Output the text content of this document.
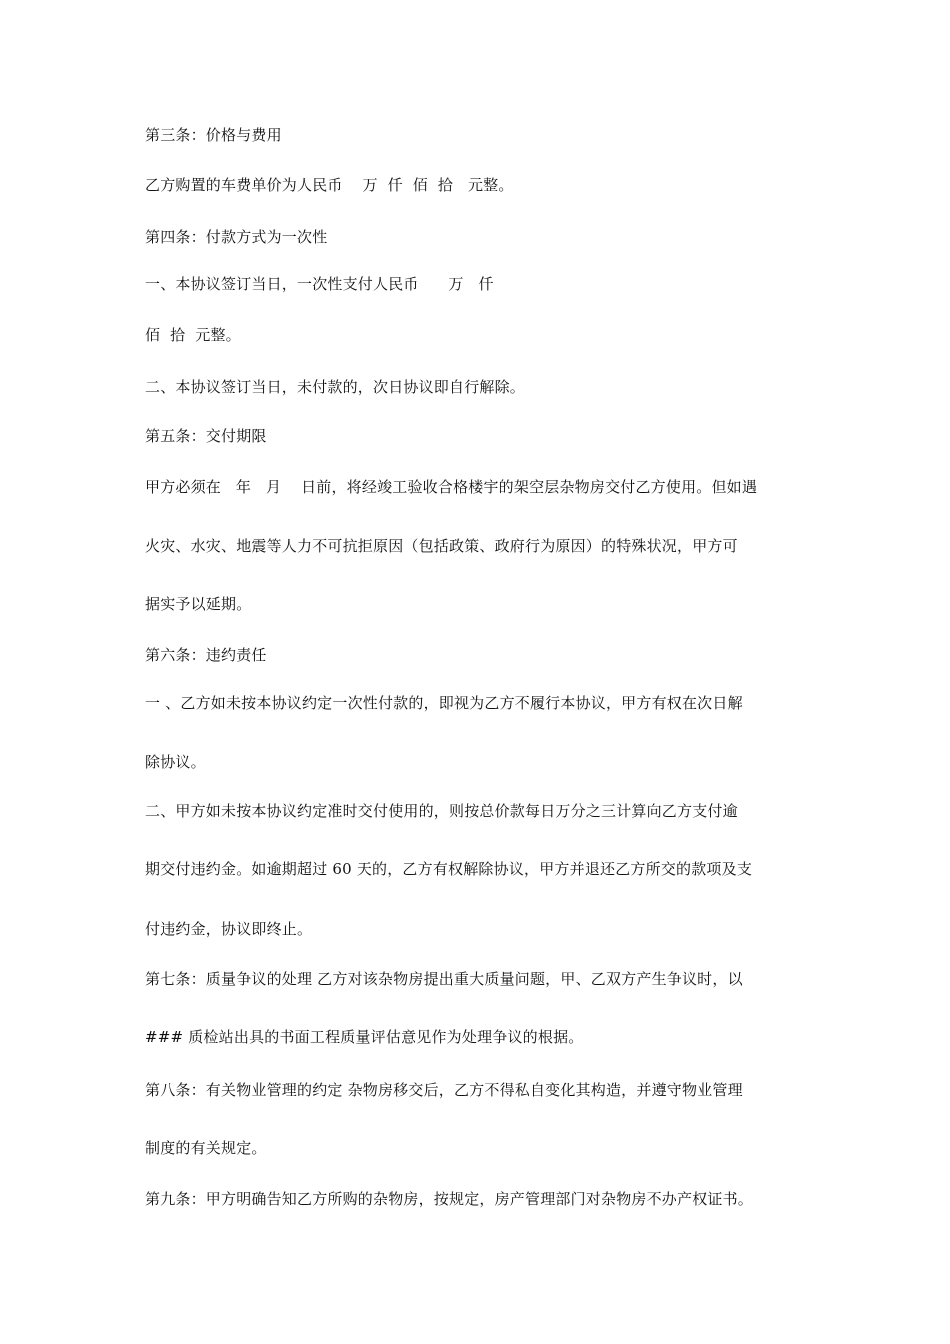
第三条：价格与费用
乙方购置的车费单价为人民币    万  仟  佰  拾   元整。
第四条：付款方式为一次性
一、本协议签订当日，一次性支付人民币      万   仟
佰  拾  元整。
二、本协议签订当日，未付款的，次日协议即自行解除。
第五条：交付期限
甲方必须在   年   月    日前，将经竣工验收合格楼宇的架空层杂物房交付乙方使用。但如遇
火灾、水灾、地震等人力不可抗拒原因（包括政策、政府行为原因）的特殊状况，甲方可
据实予以延期。
第六条：违约责任
一 、乙方如未按本协议约定一次性付款的，即视为乙方不履行本协议，甲方有权在次日解
除协议。
二、甲方如未按本协议约定准时交付使用的，则按总价款每日万分之三计算向乙方支付逾
期交付违约金。如逾期超过 60 天的，乙方有权解除协议，甲方并退还乙方所交的款项及支
付违约金，协议即终止。
第七条：质量争议的处理 乙方对该杂物房提出重大质量问题，甲、乙双方产生争议时，以
### 质检站出具的书面工程质量评估意见作为处理争议的根据。
第八条：有关物业管理的约定 杂物房移交后，乙方不得私自变化其构造，并遵守物业管理
制度的有关规定。
第九条：甲方明确告知乙方所购的杂物房，按规定，房产管理部门对杂物房不办产权证书。
